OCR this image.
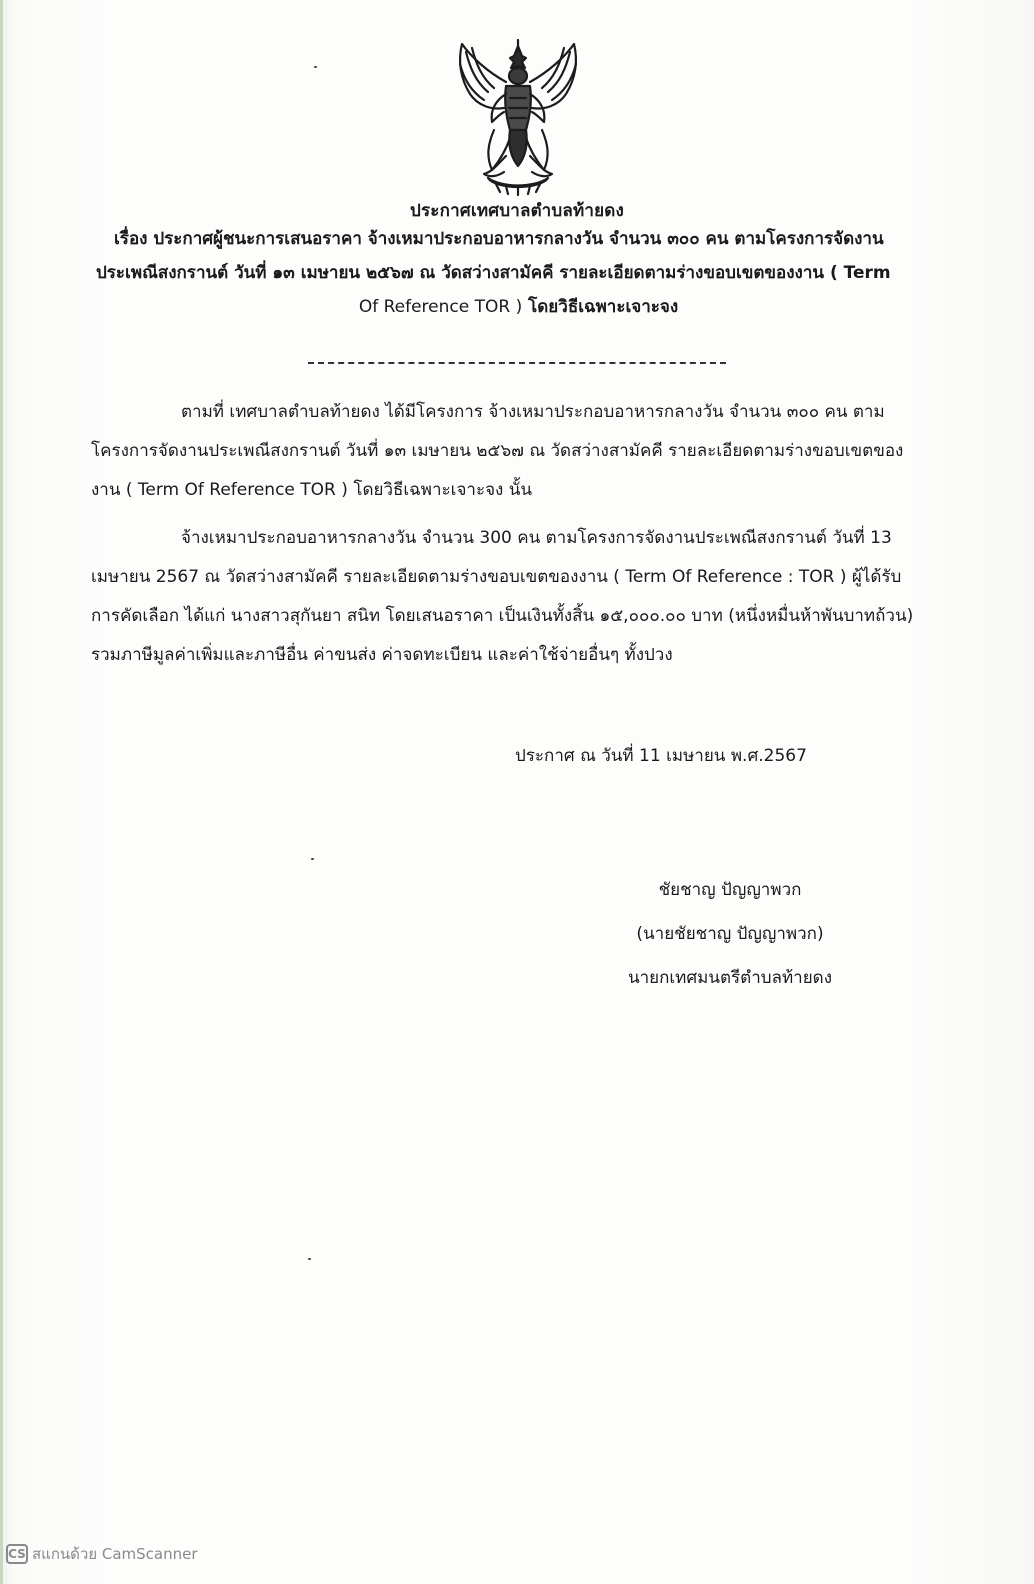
ประกาศเทศบาลตำบลท้ายดง
เรื่อง ประกาศผู้ชนะการเสนอราคา จ้างเหมาประกอบอาหารกลางวัน จำนวน ๓๐๐ คน ตามโครงการจัดงาน
ประเพณีสงกรานต์ วันที่ ๑๓ เมษายน ๒๕๖๗ ณ วัดสว่างสามัคคี รายละเอียดตามร่างขอบเขตของงาน ( Term
Of Reference TOR ) โดยวิธีเฉพาะเจาะจง
ตามที่ เทศบาลตำบลท้ายดง ได้มีโครงการ จ้างเหมาประกอบอาหารกลางวัน จำนวน ๓๐๐ คน ตาม
โครงการจัดงานประเพณีสงกรานต์ วันที่ ๑๓ เมษายน ๒๕๖๗ ณ วัดสว่างสามัคคี รายละเอียดตามร่างขอบเขตของ
งาน ( Term Of Reference TOR ) โดยวิธีเฉพาะเจาะจง นั้น
จ้างเหมาประกอบอาหารกลางวัน จำนวน 300 คน ตามโครงการจัดงานประเพณีสงกรานต์ วันที่ 13
เมษายน 2567 ณ วัดสว่างสามัคคี รายละเอียดตามร่างขอบเขตของงาน ( Term Of Reference : TOR ) ผู้ได้รับ
การคัดเลือก ได้แก่ นางสาวสุกันยา สนิท โดยเสนอราคา เป็นเงินทั้งสิ้น ๑๕,๐๐๐.๐๐ บาท (หนึ่งหมื่นห้าพันบาทถ้วน)
รวมภาษีมูลค่าเพิ่มและภาษีอื่น ค่าขนส่ง ค่าจดทะเบียน และค่าใช้จ่ายอื่นๆ ทั้งปวง
ประกาศ ณ วันที่ 11 เมษายน พ.ศ.2567
ชัยชาญ ปัญญาพวก
(นายชัยชาญ ปัญญาพวก)
นายกเทศมนตรีตำบลท้ายดง
CS สแกนด้วย CamScanner
